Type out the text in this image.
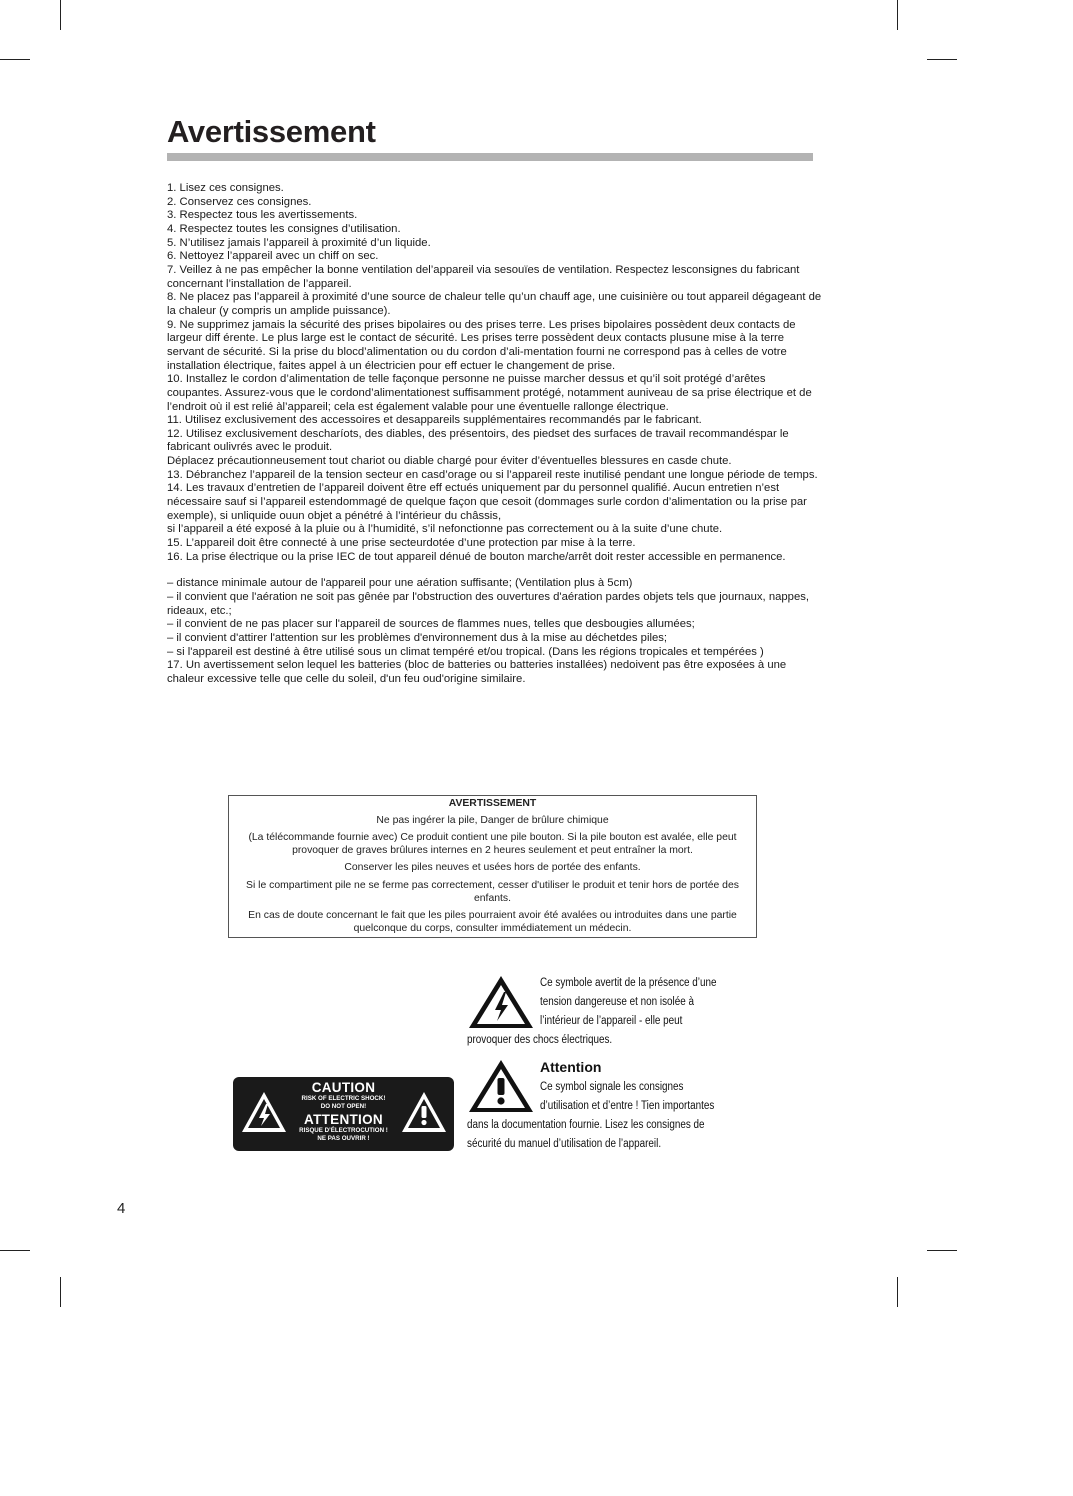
Avertissement

1. Lisez ces consignes.

2. Conservez ces consignes.

3. Respectez tous les avertissements.

4. Respectez toutes les consignes d’utilisation.

5. N’utilisez jamais l’appareil à proximité d’un liquide.

6. Nettoyez l’appareil avec un chiff on sec.

7. Veillez à ne pas empêcher la bonne ventilation del’appareil via sesouïes de ventilation. Respectez lesconsignes du fabricant concernant l’installation de l’appareil.

8. Ne placez pas l’appareil à proximité d’une source de chaleur telle qu’un chauff age, une cuisinière ou tout appareil dégageant de la chaleur (y compris un amplide puissance).

9. Ne supprimez jamais la sécurité des prises bipolaires ou des prises terre. Les prises bipolaires possèdent deux contacts de largeur diff érente. Le plus large est le contact de sécurité. Les prises terre possèdent deux contacts plusune mise à la terre servant de sécurité. Si la prise du blocd’alimentation ou du cordon d’ali-mentation fourni ne correspond pas à celles de votre installation électrique, faites appel à un électricien pour eff ectuer le changement de prise.

10. Installez le cordon d’alimentation de telle façonque personne ne puisse marcher dessus et qu’il soit protégé d’arêtes coupantes. Assurez-vous que le cordond’alimentationest suffisamment protégé, notamment auniveau de sa prise électrique et de l’endroit où il est relié àl’appareil; cela est également valable pour une éventuelle rallonge électrique.

11. Utilisez exclusivement des accessoires et desappareils supplémentaires recommandés par le fabricant.

12. Utilisez exclusivement descharíots, des diables, des présentoirs, des piedset des surfaces de travail recommandéspar le fabricant oulivrés avec le produit.

Déplacez précautionneusement tout chariot ou diable chargé pour éviter d’éventuelles blessures en casde chute.

13. Débranchez l’appareil de la tension secteur en casd’orage ou si l’appareil reste inutilisé pendant une longue période de temps.

14. Les travaux d’entretien de l’appareil doivent être eff ectués uniquement par du personnel qualifié. Aucun entretien n’est nécessaire sauf si l’appareil estendommagé de quelque façon que cesoit (dommages surle cordon d’alimentation ou la prise par exemple), si unliquide ouun objet a pénétré à l’intérieur du châssis,

si l’appareil a été exposé à la pluie ou à l’humidité, s’il nefonctionne pas correctement ou à la suite d’une chute.

15. L’appareil doit être connecté à une prise secteurdotée d’une protection par mise à la terre.

16. La prise électrique ou la prise IEC de tout appareil dénué de bouton marche/arrêt doit rester accessible en permanence.

– distance minimale autour de l'appareil pour une aération suffisante; (Ventilation plus à 5cm)

– il convient que l'aération ne soit pas gênée par l'obstruction des ouvertures d'aération pardes objets tels que journaux, nappes, rideaux, etc.;

– il convient de ne pas placer sur l'appareil de sources de flammes nues, telles que desbougies allumées;

– il convient d'attirer l'attention sur les problèmes d'environnement dus à la mise au déchetdes piles;

– si l'appareil est destiné à être utilisé sous un climat tempéré et/ou tropical. (Dans les régions tropicales et tempérées )

17. Un avertissement selon lequel les batteries (bloc de batteries ou batteries installées) nedoivent pas être exposées à une chaleur excessive telle que celle du soleil, d'un feu oud'origine similaire.

AVERTISSEMENT

Ne pas ingérer la pile, Danger de brûlure chimique

(La télécommande fournie avec) Ce produit contient une pile bouton. Si la pile bouton est avalée, elle peut provoquer de graves brûlures internes en 2 heures seulement et peut entraîner la mort.

Conserver les piles neuves et usées hors de portée des enfants.

Si le compartiment pile ne se ferme pas correctement, cesser d'utiliser le produit et tenir hors de portée des enfants.

En cas de doute concernant le fait que les piles pourraient avoir été avalées ou introduites dans une partie quelconque du corps, consulter immédiatement un médecin.

Ce symbole avertit de la présence d’une
tension dangereuse et non isolée à
l’intérieur de l’appareil - elle peut
provoquer des chocs électriques.
Attention
Ce symbol signale les consignes
d’utilisation et d’entre ! Tien importantes
dans la documentation fournie. Lisez les consignes de
sécurité du manuel d’utilisation de l’appareil.
CAUTION
RISK OF ELECTRIC SHOCK!
DO NOT OPEN!
ATTENTION
RISQUE D’ÉLECTROCUTION !
NE PAS OUVRIR !
4
